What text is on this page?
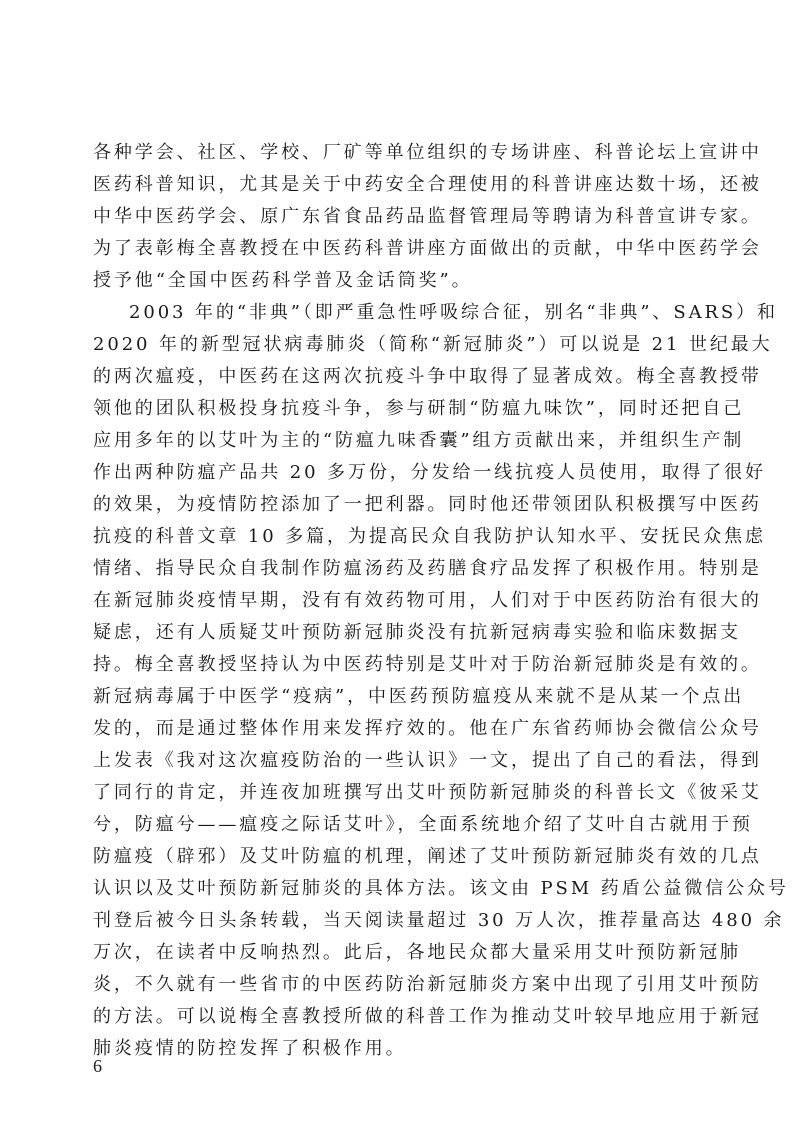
各种学会、社区、学校、厂矿等单位组织的专场讲座、科普论坛上宣讲中
医药科普知识，尤其是关于中药安全合理使用的科普讲座达数十场，还被
中华中医药学会、原广东省食品药品监督管理局等聘请为科普宣讲专家。
为了表彰梅全喜教授在中医药科普讲座方面做出的贡献，中华中医药学会
授予他“全国中医药科学普及金话筒奖”。
2003 年的“非典”（即严重急性呼吸综合征，别名“非典”、SARS）和
2020 年的新型冠状病毒肺炎（简称“新冠肺炎”）可以说是 21 世纪最大
的两次瘟疫，中医药在这两次抗疫斗争中取得了显著成效。梅全喜教授带
领他的团队积极投身抗疫斗争，参与研制“防瘟九味饮”，同时还把自己
应用多年的以艾叶为主的“防瘟九味香囊”组方贡献出来，并组织生产制
作出两种防瘟产品共 20 多万份，分发给一线抗疫人员使用，取得了很好
的效果，为疫情防控添加了一把利器。同时他还带领团队积极撰写中医药
抗疫的科普文章 10 多篇，为提高民众自我防护认知水平、安抚民众焦虑
情绪、指导民众自我制作防瘟汤药及药膳食疗品发挥了积极作用。特别是
在新冠肺炎疫情早期，没有有效药物可用，人们对于中医药防治有很大的
疑虑，还有人质疑艾叶预防新冠肺炎没有抗新冠病毒实验和临床数据支
持。梅全喜教授坚持认为中医药特别是艾叶对于防治新冠肺炎是有效的。
新冠病毒属于中医学“疫病”，中医药预防瘟疫从来就不是从某一个点出
发的，而是通过整体作用来发挥疗效的。他在广东省药师协会微信公众号
上发表《我对这次瘟疫防治的一些认识》一文，提出了自己的看法，得到
了同行的肯定，并连夜加班撰写出艾叶预防新冠肺炎的科普长文《彼采艾
兮，防瘟兮——瘟疫之际话艾叶》，全面系统地介绍了艾叶自古就用于预
防瘟疫（辟邪）及艾叶防瘟的机理，阐述了艾叶预防新冠肺炎有效的几点
认识以及艾叶预防新冠肺炎的具体方法。该文由 PSM 药盾公益微信公众号
刊登后被今日头条转载，当天阅读量超过 30 万人次，推荐量高达 480 余
万次，在读者中反响热烈。此后，各地民众都大量采用艾叶预防新冠肺
炎，不久就有一些省市的中医药防治新冠肺炎方案中出现了引用艾叶预防
的方法。可以说梅全喜教授所做的科普工作为推动艾叶较早地应用于新冠
肺炎疫情的防控发挥了积极作用。
6
